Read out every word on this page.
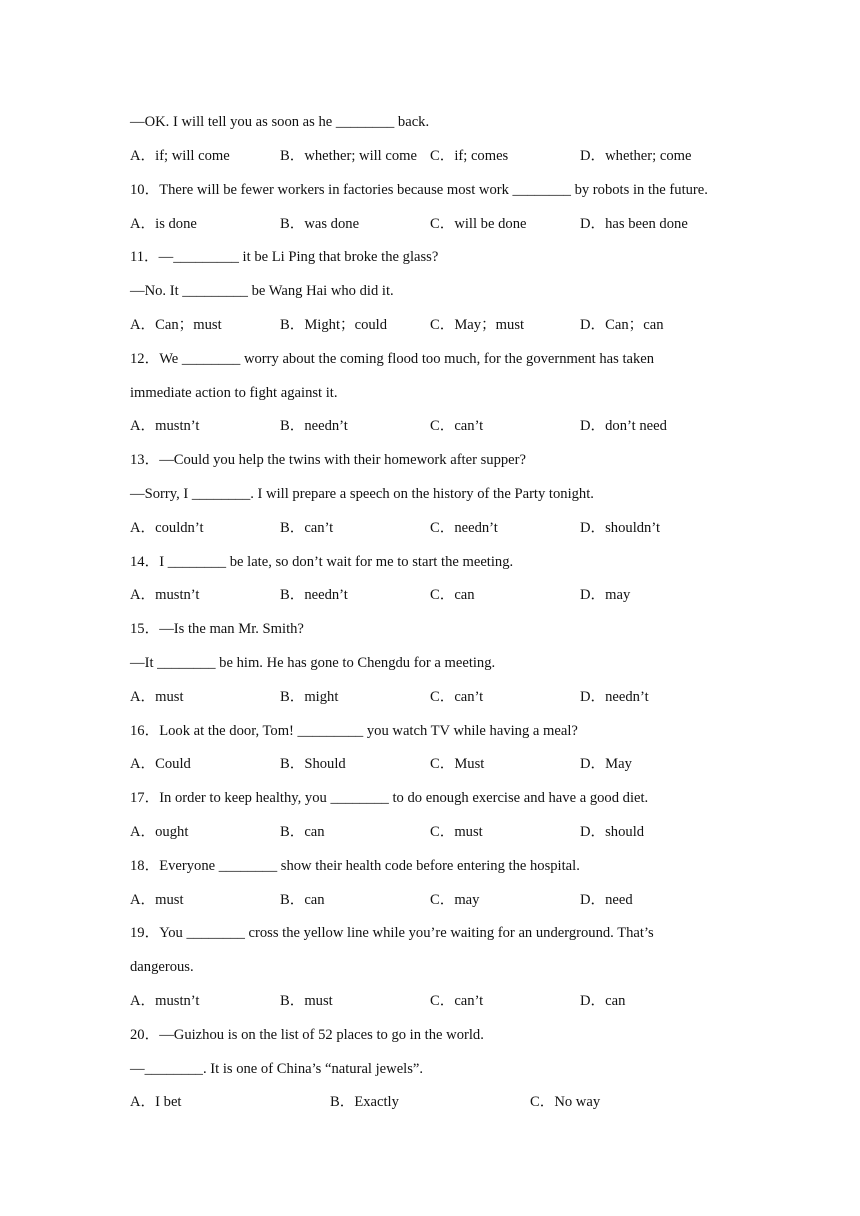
—OK. I will tell you as soon as he ________ back.
A．if; will come	B．whether; will come C．if; comes	D．whether; come
10．There will be fewer workers in factories because most work ________ by robots in the future.
A．is done	B．was done	C．will be done	D．has been done
11．—_________ it be Li Ping that broke the glass?
—No. It _________ be Wang Hai who did it.
A．Can；must	B．Might；could	C．May；must	D．Can；can
12．We ________ worry about the coming flood too much, for the government has taken
immediate action to fight against it.
A．mustn’t	B．needn’t	C．can’t	D．don’t need
13．—Could you help the twins with their homework after supper?
—Sorry, I ________. I will prepare a speech on the history of the Party tonight.
A．couldn’t	B．can’t	C．needn’t	D．shouldn’t
14．I ________ be late, so don’t wait for me to start the meeting.
A．mustn’t	B．needn’t	C．can	D．may
15．—Is the man Mr. Smith?
—It ________ be him. He has gone to Chengdu for a meeting.
A．must	B．might	C．can’t	D．needn’t
16．Look at the door, Tom! _________ you watch TV while having a meal?
A．Could	B．Should	C．Must	D．May
17．In order to keep healthy, you ________ to do enough exercise and have a good diet.
A．ought	B．can	C．must	D．should
18．Everyone ________ show their health code before entering the hospital.
A．must	B．can	C．may	D．need
19．You ________ cross the yellow line while you’re waiting for an underground. That’s
dangerous.
A．mustn’t	B．must	C．can’t	D．can
20．—Guizhou is on the list of 52 places to go in the world.
—________. It is one of China’s “natural jewels”.
A．I bet	B．Exactly	C．No way
